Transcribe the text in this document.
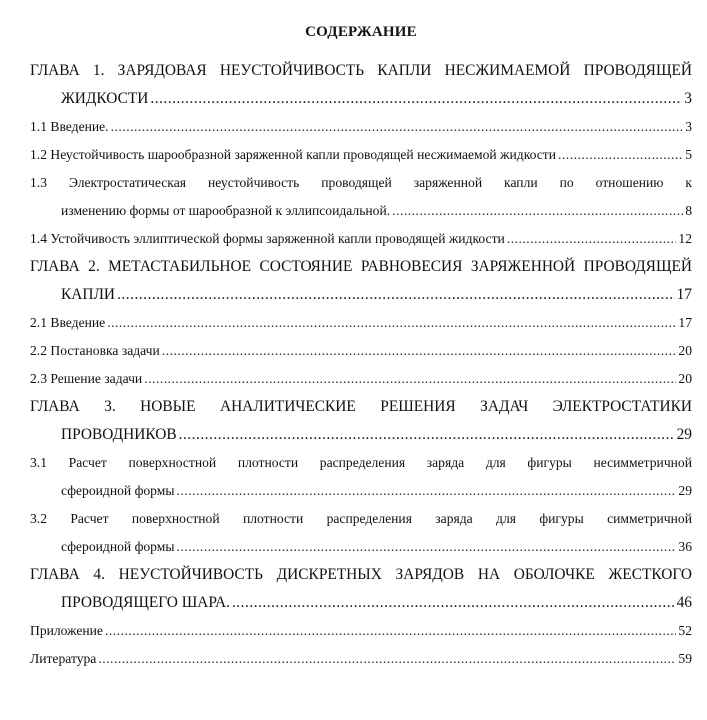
СОДЕРЖАНИЕ
ГЛАВА 1. ЗАРЯДОВАЯ НЕУСТОЙЧИВОСТЬ КАПЛИ НЕСЖИМАЕМОЙ ПРОВОДЯЩЕЙ
ЖИДКОСТИ .....	3
1.1 Введение. .....	3
1.2 Неустойчивость шарообразной заряженной капли проводящей несжимаемой жидкости .....	5
1.3 Электростатическая неустойчивость проводящей заряженной капли по отношению к
изменению формы от шарообразной к эллипсоидальной. .....	8
1.4 Устойчивость эллиптической формы заряженной капли проводящей жидкости .....	12
ГЛАВА 2. МЕТАСТАБИЛЬНОЕ СОСТОЯНИЕ РАВНОВЕСИЯ ЗАРЯЖЕННОЙ ПРОВОДЯЩЕЙ
КАПЛИ .....	17
2.1 Введение .....	17
2.2 Постановка задачи .....	20
2.3 Решение задачи .....	20
ГЛАВА 3. НОВЫЕ АНАЛИТИЧЕСКИЕ РЕШЕНИЯ ЗАДАЧ ЭЛЕКТРОСТАТИКИ
ПРОВОДНИКОВ .....	29
3.1 Расчет поверхностной плотности распределения заряда для фигуры несимметричной
сфероидной формы .....	29
3.2 Расчет поверхностной плотности распределения заряда для фигуры симметричной
сфероидной формы .....	36
ГЛАВА 4. НЕУСТОЙЧИВОСТЬ ДИСКРЕТНЫХ ЗАРЯДОВ НА ОБОЛОЧКЕ ЖЕСТКОГО
ПРОВОДЯЩЕГО ШАРА. .....	46
Приложение .....	52
Литература .....	59
